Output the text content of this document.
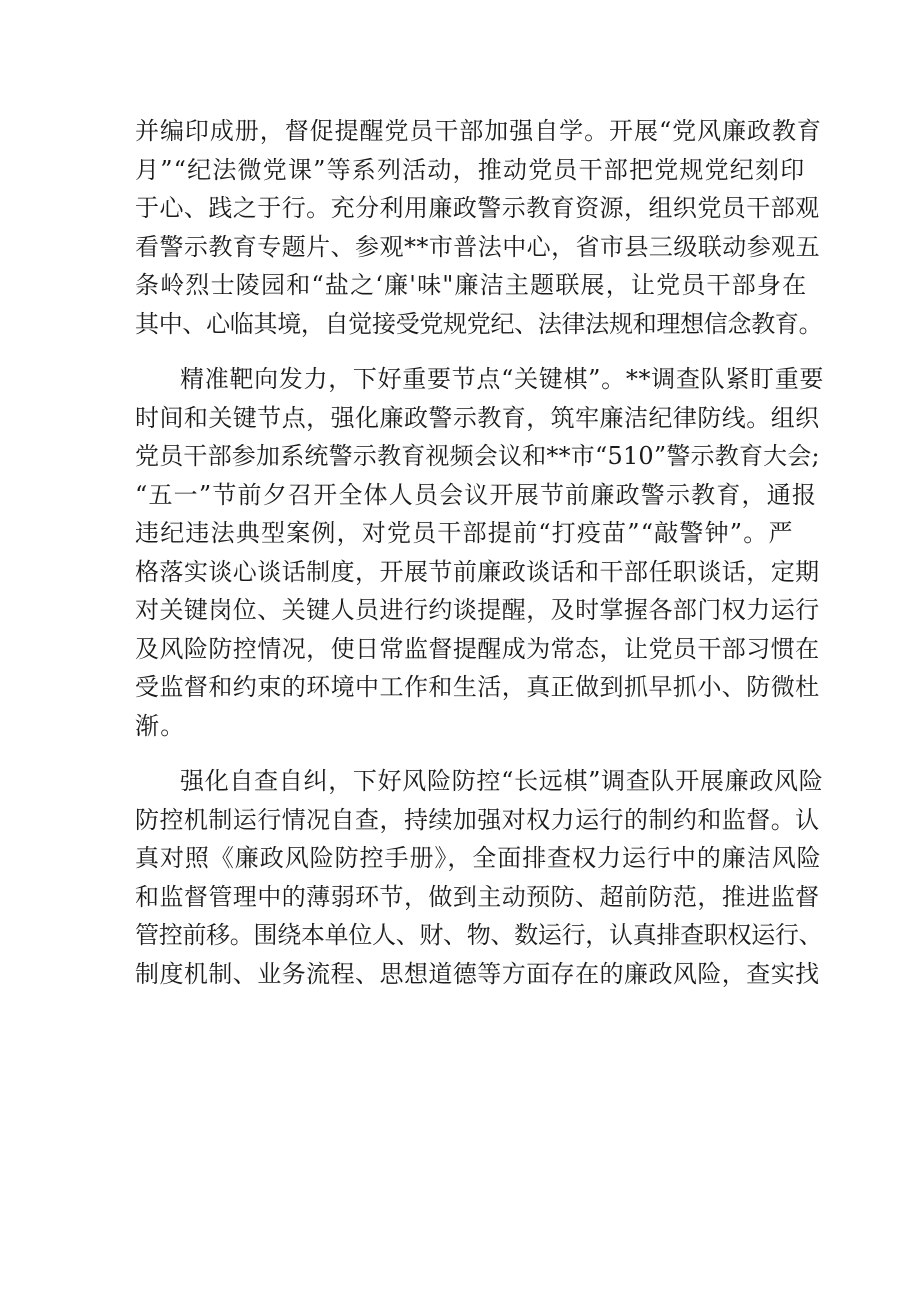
并编印成册，督促提醒党员干部加强自学。开展“党风廉政教育
月”“纪法微党课”等系列活动，推动党员干部把党规党纪刻印
于心、践之于行。充分利用廉政警示教育资源，组织党员干部观
看警示教育专题片、参观**市普法中心，省市县三级联动参观五
条岭烈士陵园和“盐之‘廉'味"廉洁主题联展，让党员干部身在
其中、心临其境，自觉接受党规党纪、法律法规和理想信念教育。
精准靶向发力，下好重要节点“关键棋”。**调查队紧盯重要
时间和关键节点，强化廉政警示教育，筑牢廉洁纪律防线。组织
党员干部参加系统警示教育视频会议和**市“510”警示教育大会;
“五一”节前夕召开全体人员会议开展节前廉政警示教育，通报
违纪违法典型案例，对党员干部提前“打疫苗”“敲警钟”。严
格落实谈心谈话制度，开展节前廉政谈话和干部任职谈话，定期
对关键岗位、关键人员进行约谈提醒，及时掌握各部门权力运行
及风险防控情况，使日常监督提醒成为常态，让党员干部习惯在
受监督和约束的环境中工作和生活，真正做到抓早抓小、防微杜
渐。
强化自查自纠，下好风险防控“长远棋”调查队开展廉政风险
防控机制运行情况自查，持续加强对权力运行的制约和监督。认
真对照《廉政风险防控手册》，全面排查权力运行中的廉洁风险
和监督管理中的薄弱环节，做到主动预防、超前防范，推进监督
管控前移。围绕本单位人、财、物、数运行，认真排查职权运行、
制度机制、业务流程、思想道德等方面存在的廉政风险，查实找
